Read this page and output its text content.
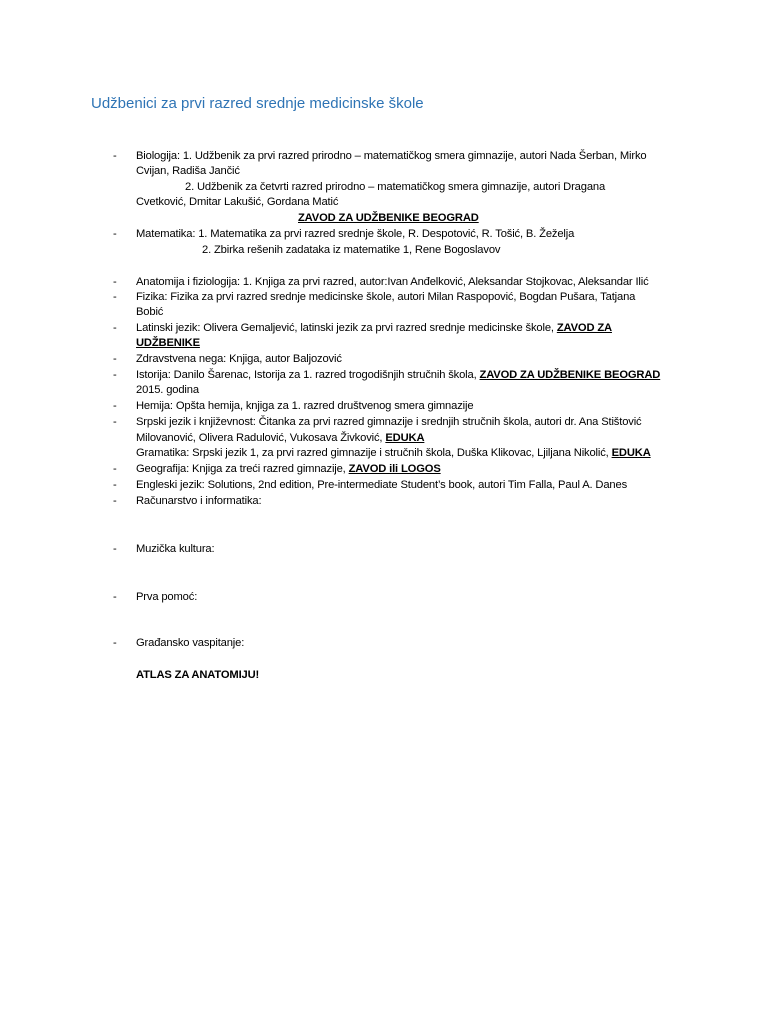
Udžbenici za prvi razred srednje medicinske škole
- Biologija: 1. Udžbenik za prvi razred prirodno – matematičkog smera gimnazije, autori Nada Šerban, Mirko
Cvijan, Radiša Jančić
2. Udžbenik za četvrti razred prirodno – matematičkog smera gimnazije, autori Dragana
Cvetković, Dmitar Lakušić, Gordana Matić
ZAVOD ZA UDŽBENIKE BEOGRAD
- Matematika: 1. Matematika za prvi razred srednje škole, R. Despotović, R. Tošić, B. Žeželja
2. Zbirka rešenih zadataka iz matematike 1, Rene Bogoslavov
- Anatomija i fiziologija: 1. Knjiga za prvi razred, autor:Ivan Anđelković, Aleksandar Stojkovac, Aleksandar Ilić
- Fizika: Fizika za prvi razred srednje medicinske škole, autori Milan Raspopović, Bogdan Pušara, Tatjana
Bobić
- Latinski jezik: Olivera Gemaljević, latinski jezik za prvi razred srednje medicinske škole, ZAVOD ZA
UDŽBENIKE
- Zdravstvena nega: Knjiga, autor Baljozović
- Istorija: Danilo Šarenac, Istorija za 1. razred trogodišnjih stručnih škola, ZAVOD ZA UDŽBENIKE BEOGRAD
2015. godina
- Hemija: Opšta hemija, knjiga za 1. razred društvenog smera gimnazije
- Srpski jezik i književnost: Čitanka za prvi razred gimnazije i srednjih stručnih škola, autori dr. Ana Stištović
Milovanović, Olivera Radulović, Vukosava Živković, EDUKA
Gramatika: Srpski jezik 1, za prvi razred gimnazije i stručnih škola, Duška Klikovac, Ljiljana Nikolić, EDUKA
- Geografija: Knjiga za treći razred gimnazije, ZAVOD ili LOGOS
- Engleski jezik: Solutions, 2nd edition, Pre-intermediate Student’s book, autori Tim Falla, Paul A. Danes
- Računarstvo i informatika:
- Muzička kultura:
- Prva pomoć:
- Građansko vaspitanje:
ATLAS ZA ANATOMIJU!
